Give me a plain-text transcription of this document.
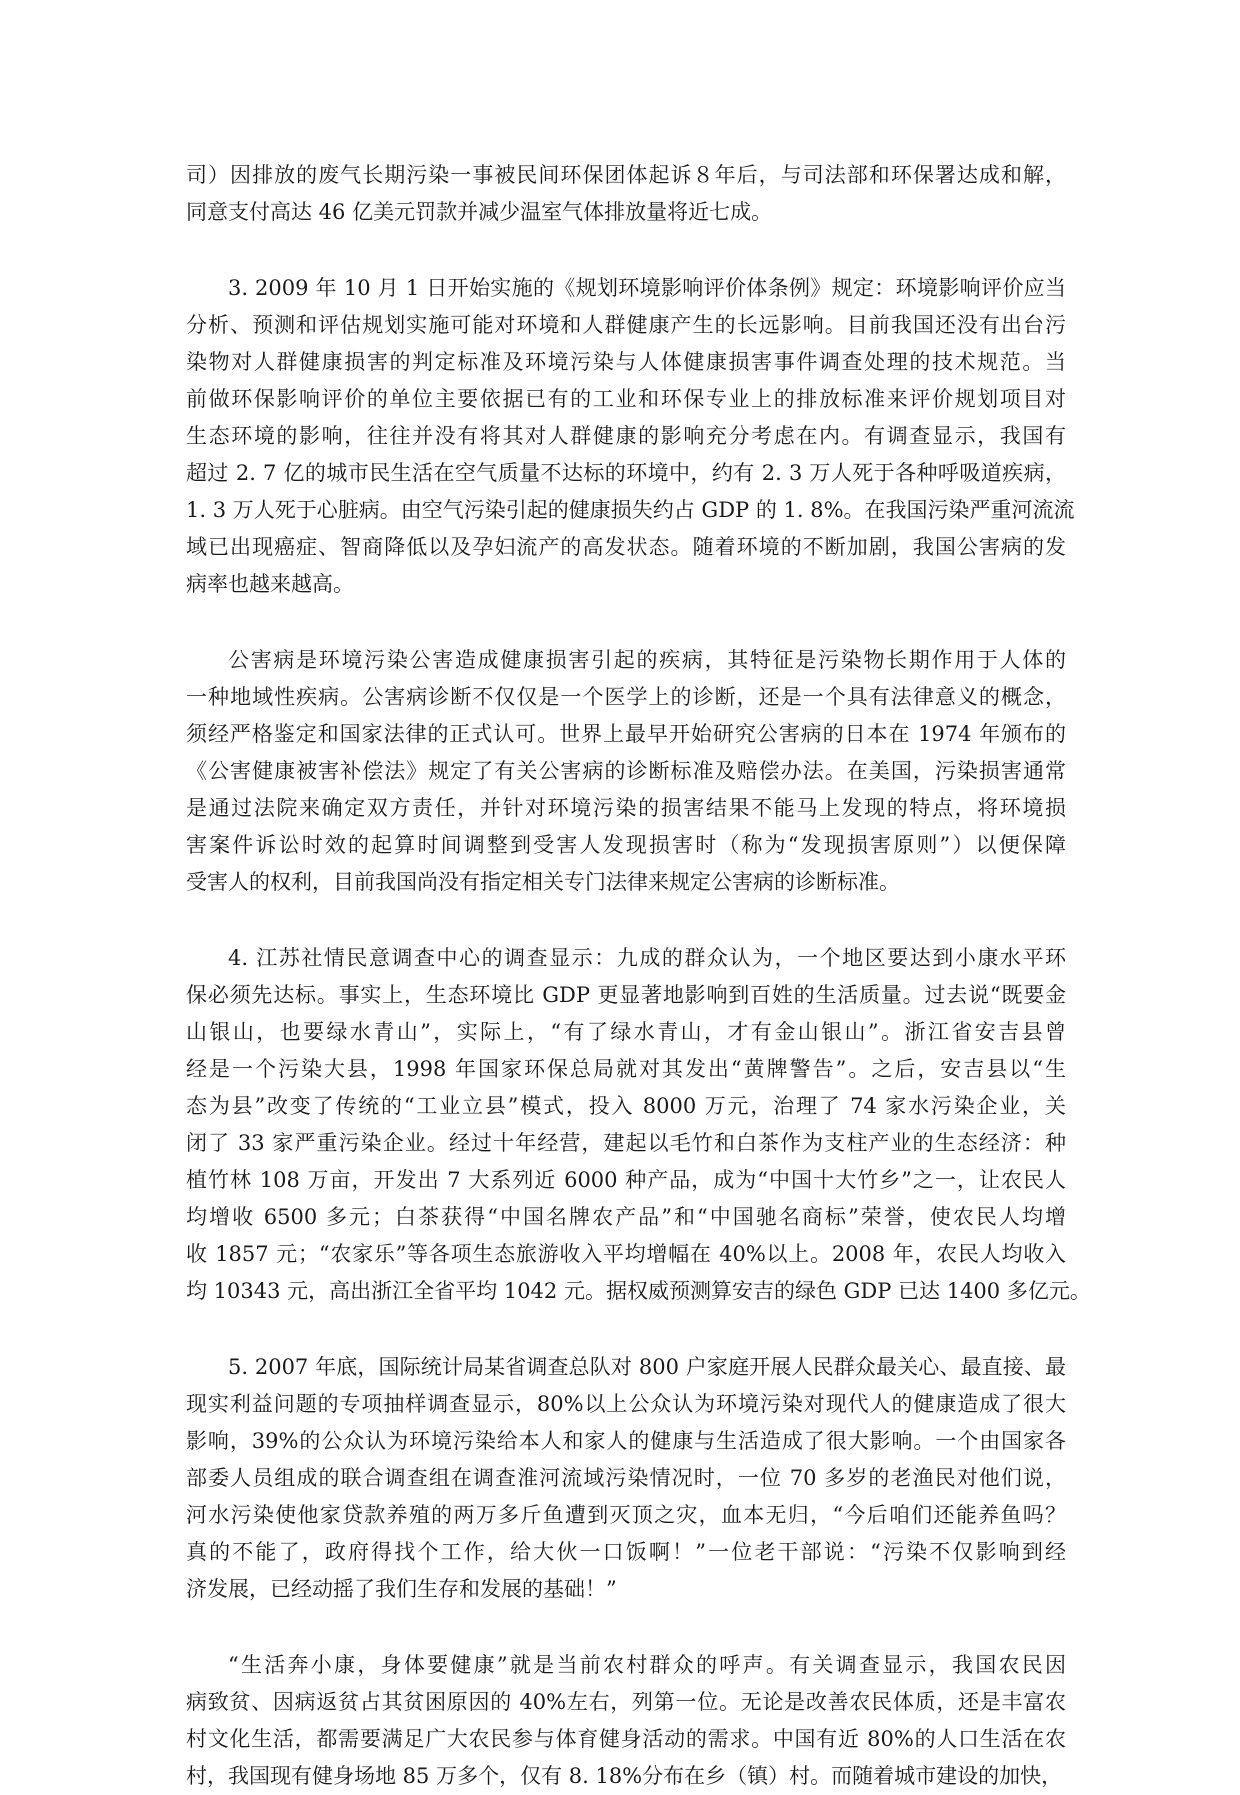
司）因排放的废气长期污染一事被民间环保团体起诉８年后，与司法部和环保署达成和解，
同意支付高达 46 亿美元罚款并减少温室气体排放量将近七成。
3. 2009 年 10 月 1 日开始实施的《规划环境影响评价体条例》规定：环境影响评价应当
分析、预测和评估规划实施可能对环境和人群健康产生的长远影响。目前我国还没有出台污
染物对人群健康损害的判定标准及环境污染与人体健康损害事件调查处理的技术规范。当
前做环保影响评价的单位主要依据已有的工业和环保专业上的排放标准来评价规划项目对
生态环境的影响，往往并没有将其对人群健康的影响充分考虑在内。有调查显示，我国有
超过 2. 7 亿的城市民生活在空气质量不达标的环境中，约有 2. 3 万人死于各种呼吸道疾病，
1. 3 万人死于心脏病。由空气污染引起的健康损失约占 GDP 的 1. 8%。在我国污染严重河流流
域已出现癌症、智商降低以及孕妇流产的高发状态。随着环境的不断加剧，我国公害病的发
病率也越来越高。
公害病是环境污染公害造成健康损害引起的疾病，其特征是污染物长期作用于人体的
一种地域性疾病。公害病诊断不仅仅是一个医学上的诊断，还是一个具有法律意义的概念，
须经严格鉴定和国家法律的正式认可。世界上最早开始研究公害病的日本在 1974 年颁布的
《公害健康被害补偿法》规定了有关公害病的诊断标准及赔偿办法。在美国，污染损害通常
是通过法院来确定双方责任，并针对环境污染的损害结果不能马上发现的特点，将环境损
害案件诉讼时效的起算时间调整到受害人发现损害时（称为“发现损害原则”）以便保障
受害人的权利，目前我国尚没有指定相关专门法律来规定公害病的诊断标准。
4. 江苏社情民意调查中心的调查显示：九成的群众认为，一个地区要达到小康水平环
保必须先达标。事实上，生态环境比 GDP 更显著地影响到百姓的生活质量。过去说“既要金
山银山，也要绿水青山”，实际上，“有了绿水青山，才有金山银山”。浙江省安吉县曾
经是一个污染大县，1998 年国家环保总局就对其发出“黄牌警告”。之后，安吉县以“生
态为县”改变了传统的“工业立县”模式，投入 8000 万元，治理了 74 家水污染企业，关
闭了 33 家严重污染企业。经过十年经营，建起以毛竹和白茶作为支柱产业的生态经济：种
植竹林 108 万亩，开发出 7 大系列近 6000 种产品，成为“中国十大竹乡”之一，让农民人
均增收 6500 多元；白茶获得“中国名牌农产品”和“中国驰名商标”荣誉，使农民人均增
收 1857 元；“农家乐”等各项生态旅游收入平均增幅在 40%以上。2008 年，农民人均收入
均 10343 元，高出浙江全省平均 1042 元。据权威预测算安吉的绿色 GDP 已达 1400 多亿元。
5. 2007 年底，国际统计局某省调查总队对 800 户家庭开展人民群众最关心、最直接、最
现实利益问题的专项抽样调查显示，80%以上公众认为环境污染对现代人的健康造成了很大
影响，39%的公众认为环境污染给本人和家人的健康与生活造成了很大影响。一个由国家各
部委人员组成的联合调查组在调查淮河流域污染情况时，一位 70 多岁的老渔民对他们说，
河水污染使他家贷款养殖的两万多斤鱼遭到灭顶之灾，血本无归，“今后咱们还能养鱼吗？
真的不能了，政府得找个工作，给大伙一口饭啊！”一位老干部说：“污染不仅影响到经
济发展，已经动摇了我们生存和发展的基础！”
“生活奔小康，身体要健康”就是当前农村群众的呼声。有关调查显示，我国农民因
病致贫、因病返贫占其贫困原因的 40%左右，列第一位。无论是改善农民体质，还是丰富农
村文化生活，都需要满足广大农民参与体育健身活动的需求。中国有近 80%的人口生活在农
村，我国现有健身场地 85 万多个，仅有 8. 18%分布在乡（镇）村。而随着城市建设的加快，
